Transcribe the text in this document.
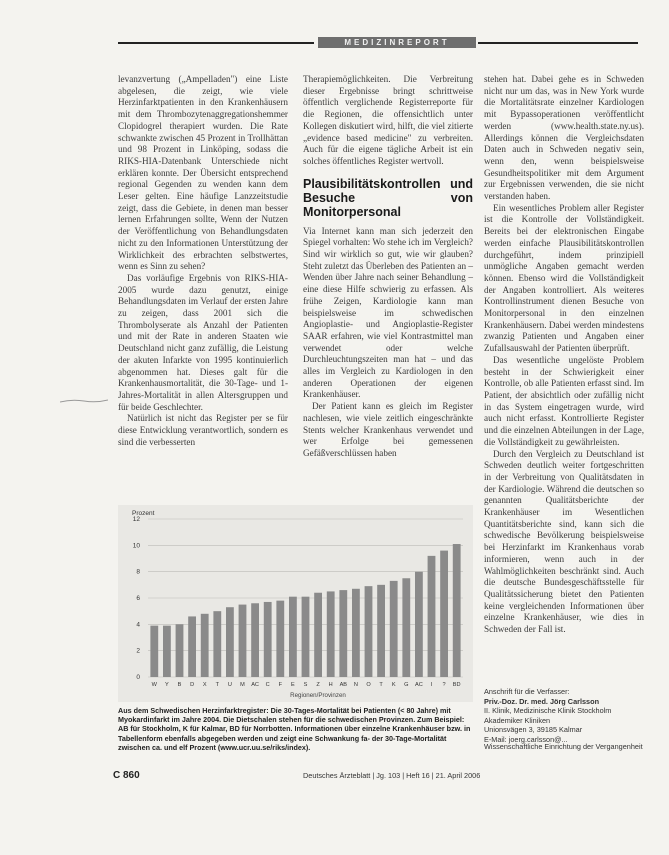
MEDIZINREPORT

levanzvertung („Ampelladen") eine Liste abgelesen, die zeigt, wie viele Herzinfarktpatienten in den Krankenhäusern mit dem Thrombozytenaggregationshemmer Clopidogrel therapiert wurden. Die Rate schwankte zwischen 45 Prozent in Trollhättan und 98 Prozent in Linköping, sodass die RIKS-HIA-Datenbank Unterschiede nicht erklären konnte. Der Übersicht entsprechend regional Gegenden zu wenden kann dem Leser gelten. Eine häufige Lanzzeitstudie zeigt, dass die Gebiete, in denen man besser lernen Erfahrungen sollte, Wenn der Nutzen der Veröffentlichung von Behandlungsdaten nicht zu den Informationen Unterstützung der Wirklichkeit des erbrachten selbstwertes, wenn es Sinn zu sehen?

Das vorläufige Ergebnis von RIKS-HIA-2005 wurde dazu genutzt, einige Behandlungsdaten im Verlauf der ersten Jahre zu zeigen, dass 2001 sich die Thrombolyserate als Anzahl der Patienten und mit der Rate in anderen Staaten wie Deutschland nicht ganz zufällig, die Leistung der akuten Infarkte von 1995 kontinuierlich abgenommen hat. Dieses galt für die Krankenhausmortalität, die 30-Tage- und 1-Jahres-Mortalität in allen Altersgruppen und für beide Geschlechter.

Natürlich ist nicht das Register per se für diese Entwicklung verantwortlich, sondern es sind die verbesserten

Therapiemöglichkeiten. Die Verbreitung dieser Ergebnisse bringt schrittweise öffentlich verglichende Registerreporte für die Regionen, die offensichtlich unter Kollegen diskutiert wird, hilft, die viel zitierte „evidence based medicine" zu verbreiten. Auch für die eigene tägliche Arbeit ist ein solches öffentliches Register wertvoll.

Plausibilitätskontrollen und Besuche von Monitorpersonal

Via Internet kann man sich jederzeit den Spiegel vorhalten: Wo stehe ich im Vergleich? Sind wir wirklich so gut, wie wir glauben? Steht zuletzt das Überleben des Patienten an – Wenden über Jahre nach seiner Behandlung – eine diese Hilfe schwierig zu erfassen. Als frühe Zeigen, Kardiologie kann man beispielsweise im schwedischen Angioplastie- und Angioplastie-Register SAAR erfahren, wie viel Kontrastmittel man verwendet oder welche Durchleuchtungszeiten man hat – und das alles im Vergleich zu Kardiologen in den anderen Operationen der eigenen Krankenhäuser.

Der Patient kann es gleich im Register nachlesen, wie viele zeitlich eingeschränkte Stents welcher Krankenhaus verwendet und wer Erfolge bei gemessenen Gefäßverschlüssen haben

stehen hat. Dabei gehe es in Schweden nicht nur um das, was in New York wurde die Mortalitätsrate einzelner Kardiologen mit Bypassoperationen veröffentlicht werden (www.health.state.ny.us). Allerdings können die Vergleichsdaten Daten auch in Schweden negativ sein, wenn den, wenn beispielsweise Gesundheitspolitiker mit dem Argument zur Ergebnissen verwenden, die sie nicht verstanden haben.

Ein wesentliches Problem aller Register ist die Kontrolle der Vollständigkeit. Bereits bei der elektronischen Eingabe werden einfache Plausibilitätskontrollen durchgeführt, indem prinzipiell unmögliche Angaben gemacht werden können. Ebenso wird die Vollständigkeit der Angaben kontrolliert. Als weiteres Kontrollinstrument dienen Besuche von Monitorpersonal in den einzelnen Krankenhäusern. Dabei werden mindestens zwanzig Patienten und Angaben einer Zufallsauswahl der Patienten überprüft.

Das wesentliche ungelöste Problem besteht in der Schwierigkeit einer Kontrolle, ob alle Patienten erfasst sind. Im Patient, der absichtlich oder zufällig nicht in das System eingetragen wurde, wird auch nicht erfasst. Kontrollierte Register und die einzelnen Abteilungen in der Lage, die Vollständigkeit zu gewährleisten.

Durch den Vergleich zu Deutschland ist Schweden deutlich weiter fortgeschritten in der Verbreitung von Qualitätsdaten in der Kardiologie. Während die deutschen so genannten Qualitätsberichte der Krankenhäuser im Wesentlichen Quantitätsberichte sind, kann sich die schwedische Bevölkerung beispielsweise bei Herzinfarkt im Krankenhaus vorab informieren, wenn auch in der Wahlmöglichkeiten beschränkt sind. Auch die deutsche Bundesgeschäftsstelle für Qualitätssicherung bietet den Patienten keine vergleichenden Informationen über einzelne Krankenhäuser, wie dies in Schweden der Fall ist.

0
2
4
6
8
10
12
W Y B D X T U M AC C F E S Z H AB N O T K G AC I ? BD
Prozent
Regionen/Provinzen
Aus dem Schwedischen Herzinfarktregister: Die 30-Tages-Mortalität bei Patienten (< 80 Jahre) mit Myokardinfarkt im Jahre 2004. Die Dietschalen stehen für die schwedischen Provinzen. Zum Beispiel: AB für Stockholm, K für Kalmar, BD für Norrbotten. Informationen über einzelne Krankenhäuser bzw. in Tabellenform ebenfalls abgegeben werden und zeigt eine Schwankung fa- der 30-Tage-Mortalität zwischen ca. und elf Prozent (www.ucr.uu.se/riks/index).
Anschrift für die Verfasser:
Priv.-Doz. Dr. med. Jörg Carlsson
II. Klinik, Medizinische Klinik Stockholm
Akademiker Kliniken
Unionsvägen 3, 39185 Kalmar
E-Mail: joerg.carlsson@...
Wissenschaftliche Einrichtung der Vergangenheit
C 860	Deutsches Ärzteblatt | Jg. 103 | Heft 16 | 21. April 2006
